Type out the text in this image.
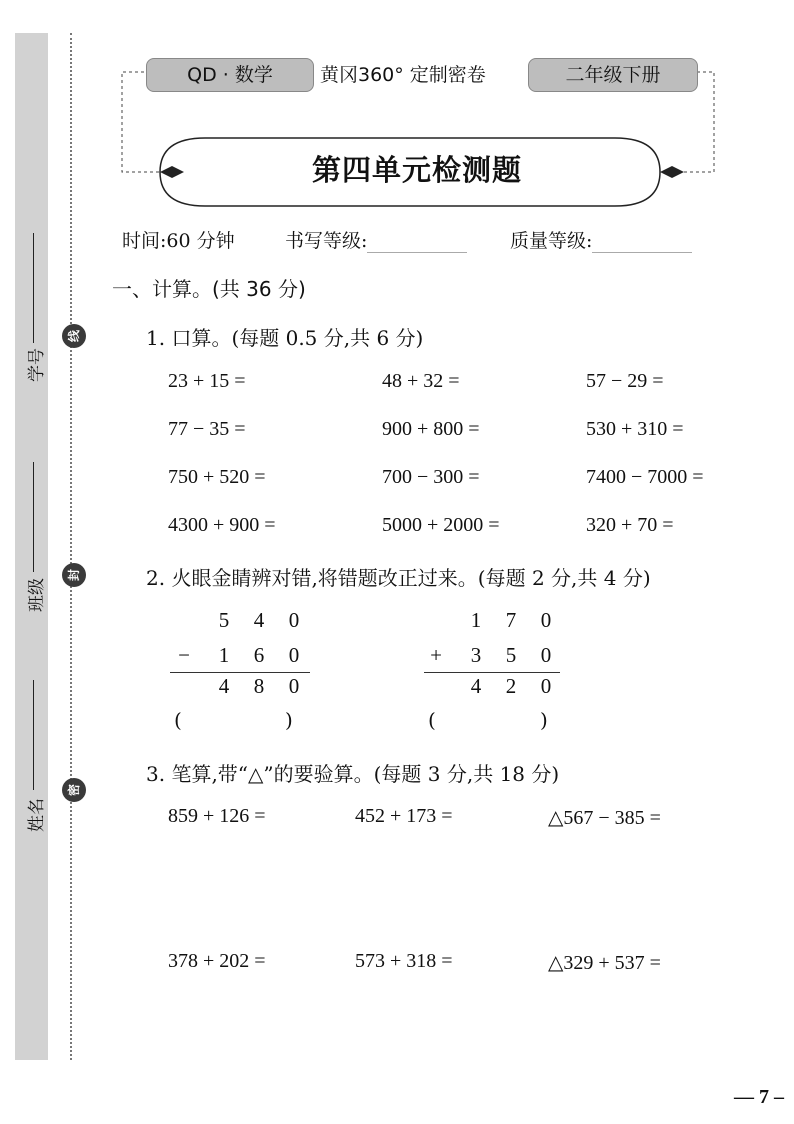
学号
班级
姓名
线
封
密
QD · 数学	黄冈360° 定制密卷	二年级下册
第四单元检测题
时间:60 分钟	书写等级:	质量等级:
一、计算。(共 36 分)
1. 口算。(每题 0.5 分,共 6 分)
23 + 15 =	48 + 32 =	57 − 29 =
77 − 35 =	900 + 800 =	530 + 310 =
750 + 520 =	700 − 300 =	7400 − 7000 =
4300 + 900 =	5000 + 2000 =	320 + 70 =
2. 火眼金睛辨对错,将错题改正过来。(每题 2 分,共 4 分)
5 4 0
− 1 6 0
4 8 0
(	)
1 7 0
+ 3 5 0
4 2 0
(	)
3. 笔算,带“△”的要验算。(每题 3 分,共 18 分)
859 + 126 =	452 + 173 =	△567 − 385 =
378 + 202 =	573 + 318 =	△329 + 537 =
— 7 –
